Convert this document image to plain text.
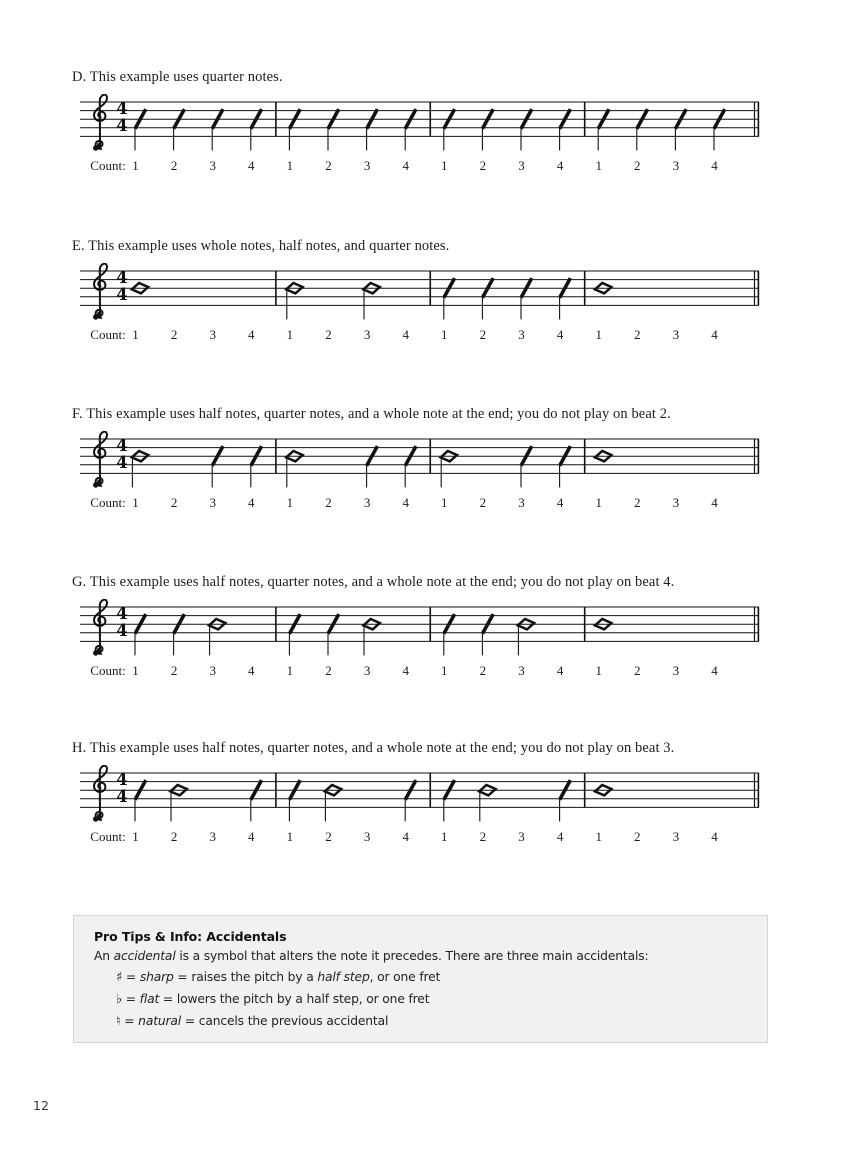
D. This example uses quarter notes.
4
4
Count: 1 2 3 4 1 2 3 4 1 2 3 4 1 2 3 4
E. This example uses whole notes, half notes, and quarter notes.
4
4
Count: 1 2 3 4 1 2 3 4 1 2 3 4 1 2 3 4
F. This example uses half notes, quarter notes, and a whole note at the end; you do not play on beat 2.
4
4
Count: 1 2 3 4 1 2 3 4 1 2 3 4 1 2 3 4
G. This example uses half notes, quarter notes, and a whole note at the end; you do not play on beat 4.
4
4
Count: 1 2 3 4 1 2 3 4 1 2 3 4 1 2 3 4
H. This example uses half notes, quarter notes, and a whole note at the end; you do not play on beat 3.
4
4
Count: 1 2 3 4 1 2 3 4 1 2 3 4 1 2 3 4

Pro Tips & Info: Accidentals

An accidental is a symbol that alters the note it precedes. There are three main accidentals:

♯ = sharp = raises the pitch by a half step, or one fret

♭ = flat = lowers the pitch by a half step, or one fret

♮ = natural = cancels the previous accidental

12
